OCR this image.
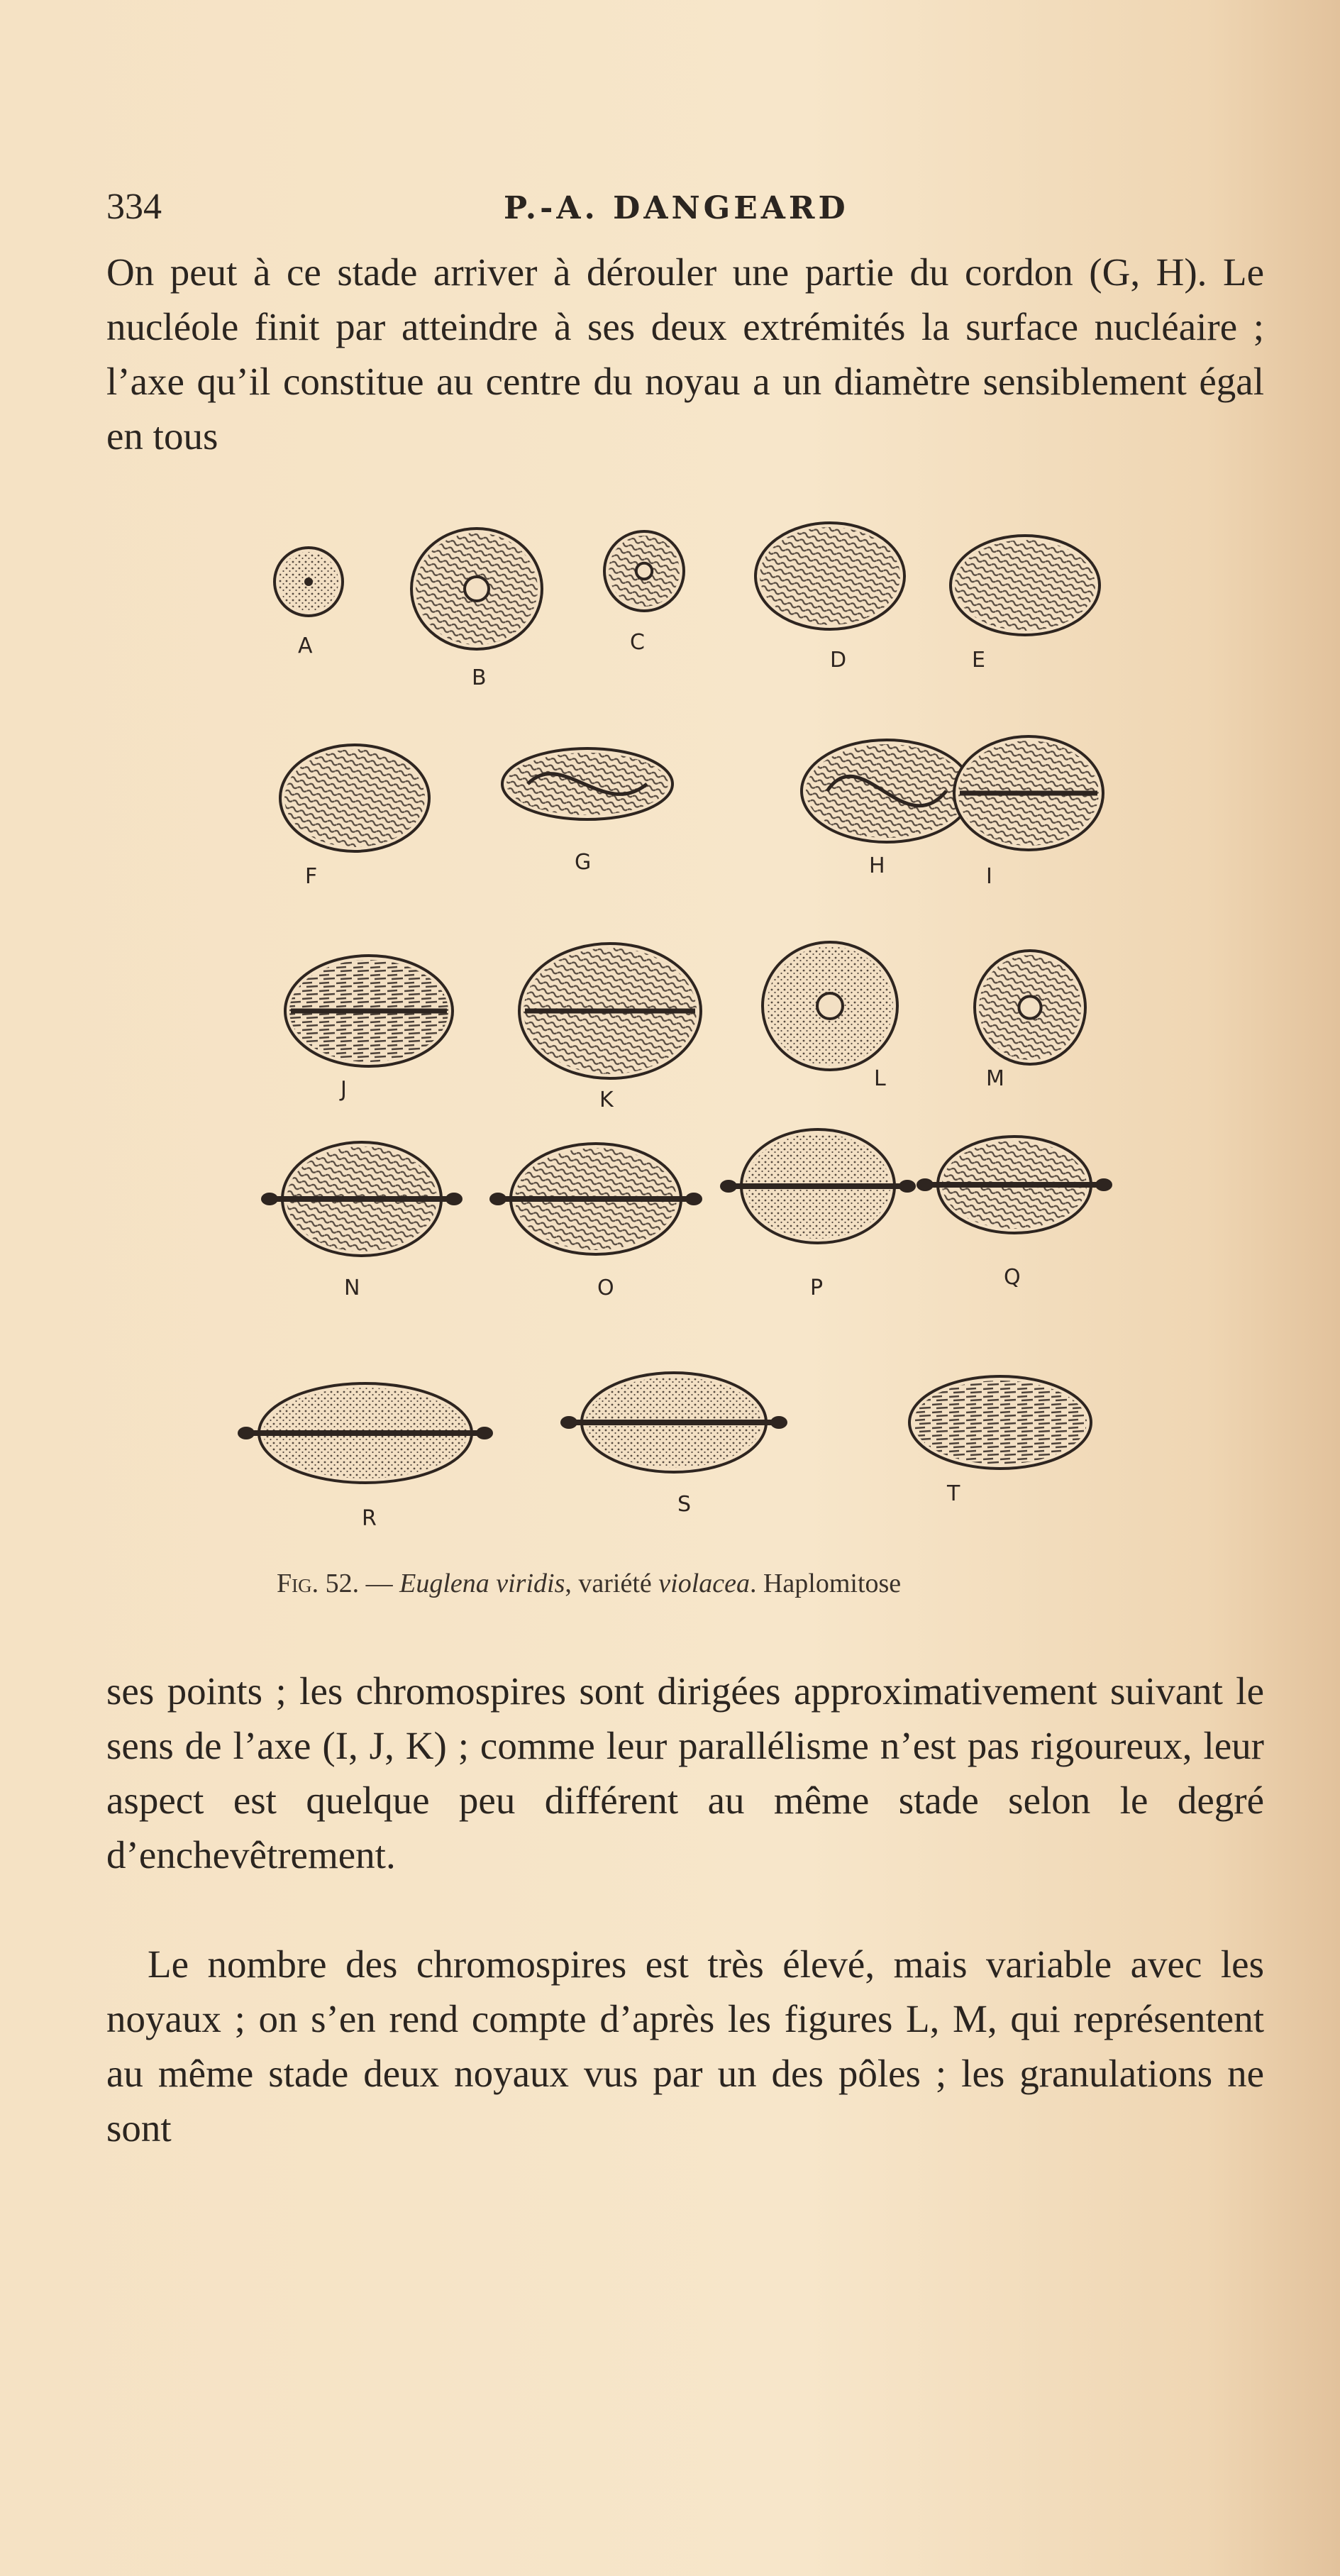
334	P.-A. DANGEARD

On peut à ce stade arriver à dérouler une partie du cordon (G, H). Le nucléole finit par atteindre à ses deux extrémités la surface nucléaire ; l’axe qu’il constitue au centre du noyau a un diamètre sensiblement égal en tous

A
B
C
D	E
F
G	H	I
J	K
L	M
N	O	P	Q
R
S	T
Fig. 52. — Euglena viridis, variété violacea. Haplomitose

ses points ; les chromospires sont dirigées approximativement suivant le sens de l’axe (I, J, K) ; comme leur parallélisme n’est pas rigoureux, leur aspect est quelque peu différent au même stade selon le degré d’enchevêtrement.

Le nombre des chromospires est très élevé, mais variable avec les noyaux ; on s’en rend compte d’après les figures L, M, qui représentent au même stade deux noyaux vus par un des pôles ; les granulations ne sont
